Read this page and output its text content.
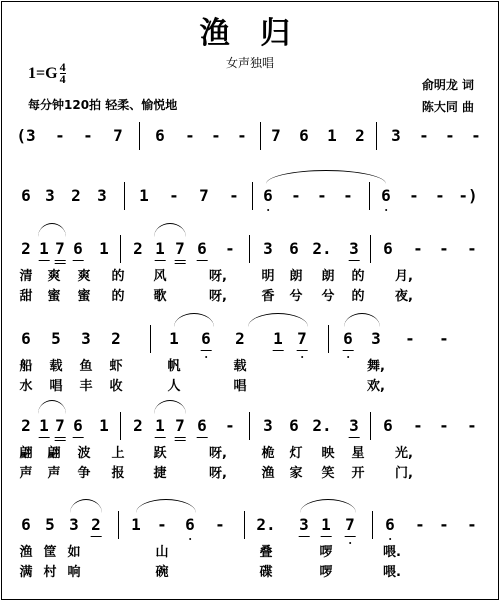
渔 归
女声独唱
$1=G \frac{4}{4}$
每分钟120拍 轻柔、愉悦地
俞明龙 词
陈大同 曲
(3 - - 7 6 - - - 7 6 1 2 3 - - -
6 3 2 3 1 - 7 - 6 - - - 6 - - -)
2 1 7 6 1 2 1 7 6 - 3 6 2. 3 6 - - -
清 爽 爽 的 风	呀,	明 朗 朗 的 月,
甜 蜜 蜜 的 歌	呀,	香 兮 兮 的 夜,
6 5 3 2	1 6 2 1 7 6 3 - -
船 载 鱼 虾	帆	载	舞,
水 唱 丰 收	人	唱	欢,
2 1 7 6 1 2 1 7 6 - 3 6 2. 3 6 - - -
翩 翩 波 上 跃	呀,	桅 灯 映 星 光,
声 声 争 报 捷	呀,	渔 家 笑 开 门,
6 5 3 2 1 - 6 - 2. 3 1 7 6 - - -
渔 筐 如	山	叠	啰	喂.
满 村 响	碗	碟	啰	喂.
